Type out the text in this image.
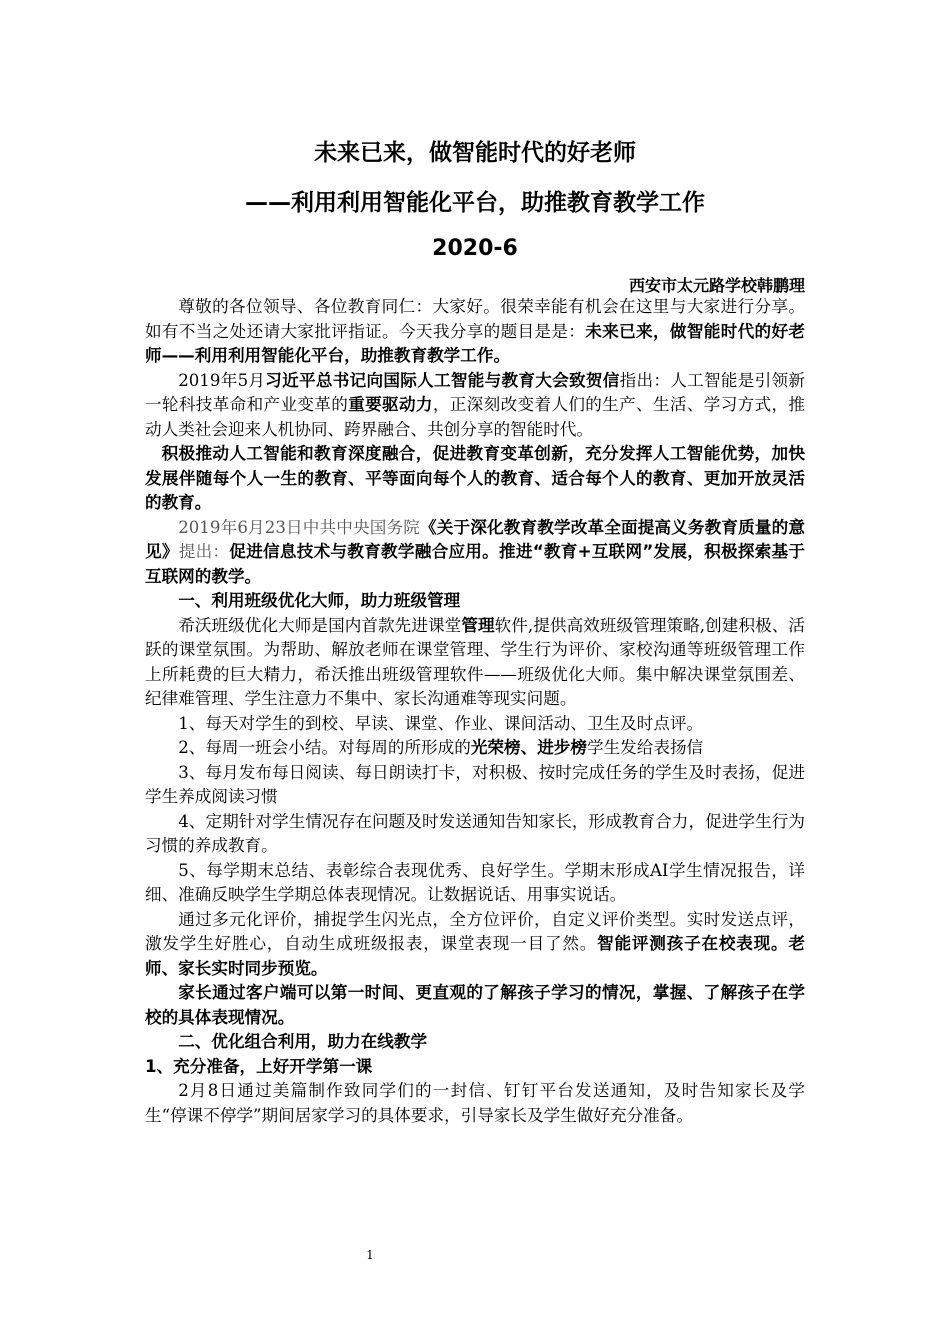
未来已来，做智能时代的好老师
——利用利用智能化平台，助推教育教学工作
2020-6
西安市太元路学校韩鹏理

尊敬的各位领导、各位教育同仁：大家好。很荣幸能有机会在这里与大家进行分享。如有不当之处还请大家批评指证。今天我分享的题目是是：未来已来，做智能时代的好老师——利用利用智能化平台，助推教育教学工作。

2019年5月习近平总书记向国际人工智能与教育大会致贺信指出：人工智能是引领新一轮科技革命和产业变革的重要驱动力，正深刻改变着人们的生产、生活、学习方式，推动人类社会迎来人机协同、跨界融合、共创分享的智能时代。

积极推动人工智能和教育深度融合，促进教育变革创新，充分发挥人工智能优势，加快发展伴随每个人一生的教育、平等面向每个人的教育、适合每个人的教育、更加开放灵活的教育。

2019年6月23日中共中央国务院《关于深化教育教学改革全面提高义务教育质量的意见》提出：促进信息技术与教育教学融合应用。推进“教育+互联网”发展，积极探索基于互联网的教学。

一、利用班级优化大师，助力班级管理

希沃班级优化大师是国内首款先进课堂管理软件,提供高效班级管理策略,创建积极、活跃的课堂氛围。为帮助、解放老师在课堂管理、学生行为评价、家校沟通等班级管理工作上所耗费的巨大精力，希沃推出班级管理软件——班级优化大师。集中解决课堂氛围差、纪律难管理、学生注意力不集中、家长沟通难等现实问题。

1、每天对学生的到校、早读、课堂、作业、课间活动、卫生及时点评。

2、每周一班会小结。对每周的所形成的光荣榜、进步榜学生发给表扬信

3、每月发布每日阅读、每日朗读打卡，对积极、按时完成任务的学生及时表扬，促进学生养成阅读习惯

4、定期针对学生情况存在问题及时发送通知告知家长，形成教育合力，促进学生行为习惯的养成教育。

5、每学期末总结、表彰综合表现优秀、良好学生。学期末形成AI学生情况报告，详细、准确反映学生学期总体表现情况。让数据说话、用事实说话。

通过多元化评价，捕捉学生闪光点，全方位评价，自定义评价类型。实时发送点评，激发学生好胜心，自动生成班级报表，课堂表现一目了然。智能评测孩子在校表现。老师、家长实时同步预览。

家长通过客户端可以第一时间、更直观的了解孩子学习的情况，掌握、了解孩子在学校的具体表现情况。

二、优化组合利用，助力在线教学

1、充分准备，上好开学第一课

2月8日通过美篇制作致同学们的一封信、钉钉平台发送通知，及时告知家长及学生“停课不停学”期间居家学习的具体要求，引导家长及学生做好充分准备。

1
